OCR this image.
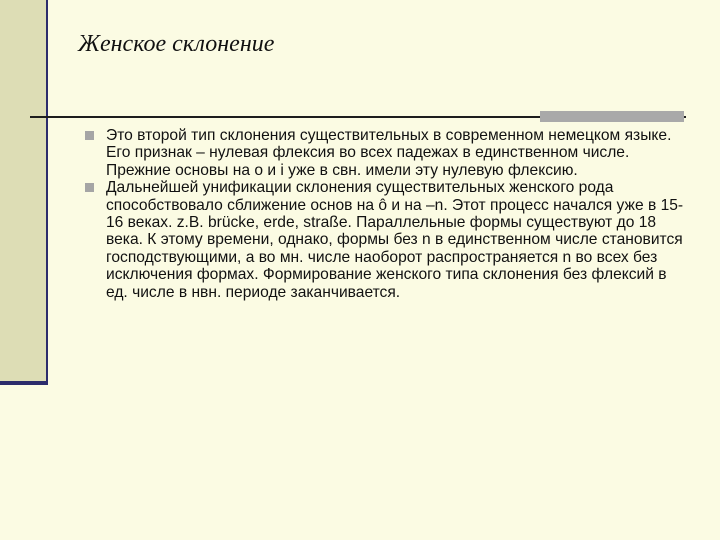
Женское склонение

Это второй тип склонения существительных в современном немецком языке. Его признак – нулевая флексия во всех падежах в единственном числе. Прежние основы на о и i уже в свн. имели эту нулевую флексию.

Дальнейшей унификации склонения существительных женского рода способствовало сближение основ на ô и на –n. Этот процесс начался уже в 15-16 веках. z.B. brücke, erde, straße. Параллельные формы существуют до 18 века. К этому времени, однако, формы без n в единственном числе становится господствующими, а во мн. числе наоборот распространяется n во всех без исключения формах. Формирование женского типа склонения без флексий в ед. числе в нвн. периоде заканчивается.
